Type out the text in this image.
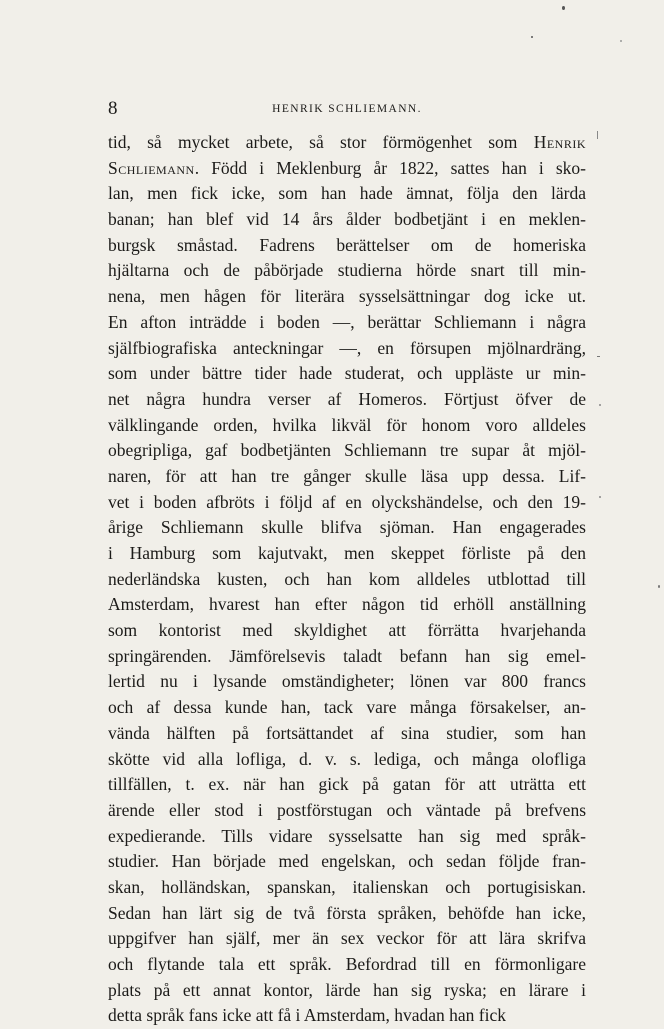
8	HENRIK SCHLIEMANN.
tid, så mycket arbete, så stor förmögenhet som Henrik
Schliemann. Född i Meklenburg år 1822, sattes han i sko-
lan, men fick icke, som han hade ämnat, följa den lärda
banan; han blef vid 14 års ålder bodbetjänt i en meklen-
burgsk småstad. Fadrens berättelser om de homeriska
hjältarna och de påbörjade studierna hörde snart till min-
nena, men hågen för literära sysselsättningar dog icke ut.
En afton inträdde i boden —, berättar Schliemann i några
själfbiografiska anteckningar —, en försupen mjölnardräng,
som under bättre tider hade studerat, och uppläste ur min-
net några hundra verser af Homeros. Förtjust öfver de
välklingande orden, hvilka likväl för honom voro alldeles
obegripliga, gaf bodbetjänten Schliemann tre supar åt mjöl-
naren, för att han tre gånger skulle läsa upp dessa. Lif-
vet i boden afbröts i följd af en olyckshändelse, och den 19-
årige Schliemann skulle blifva sjöman. Han engagerades
i Hamburg som kajutvakt, men skeppet förliste på den
nederländska kusten, och han kom alldeles utblottad till
Amsterdam, hvarest han efter någon tid erhöll anställning
som kontorist med skyldighet att förrätta hvarjehanda
springärenden. Jämförelsevis taladt befann han sig emel-
lertid nu i lysande omständigheter; lönen var 800 francs
och af dessa kunde han, tack vare många försakelser, an-
vända hälften på fortsättandet af sina studier, som han
skötte vid alla lofliga, d. v. s. lediga, och många olofliga
tillfällen, t. ex. när han gick på gatan för att uträtta ett
ärende eller stod i postförstugan och väntade på brefvens
expedierande. Tills vidare sysselsatte han sig med språk-
studier. Han började med engelskan, och sedan följde fran-
skan, holländskan, spanskan, italienskan och portugisiskan.
Sedan han lärt sig de två första språken, behöfde han icke,
uppgifver han själf, mer än sex veckor för att lära skrifva
och flytande tala ett språk. Befordrad till en förmonligare
plats på ett annat kontor, lärde han sig ryska; en lärare i
detta språk fans icke att få i Amsterdam, hvadan han fick
